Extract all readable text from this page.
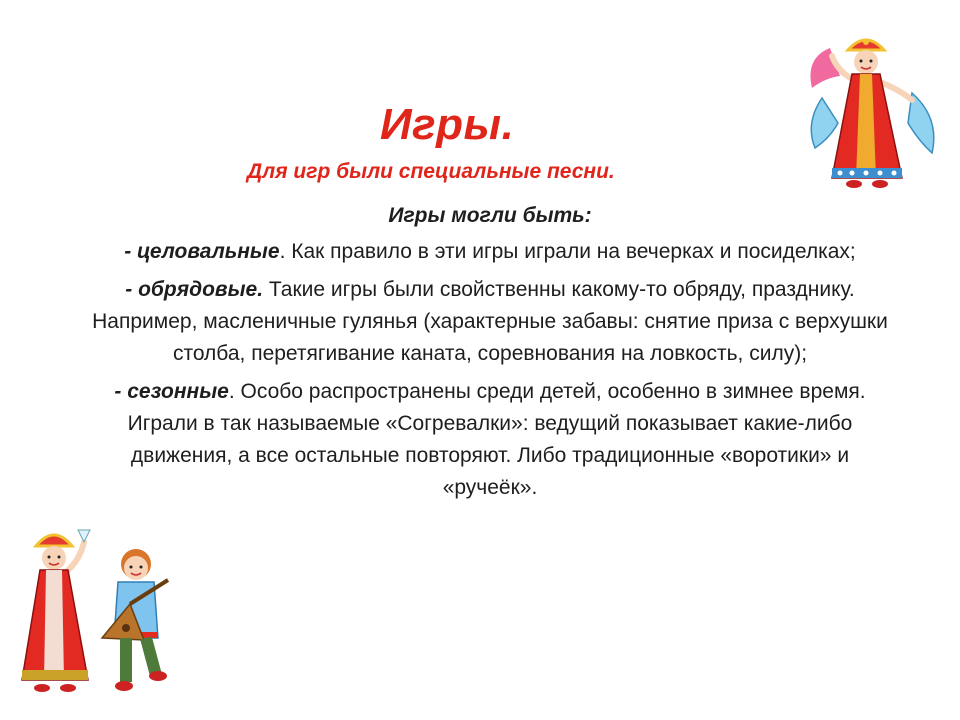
Игры.
Для игр были специальные песни.
Игры могли быть:

- целовальные. Как правило в эти игры играли на вечерках и посиделках;

- обрядовые. Такие игры были свойственны какому-то обряду, празднику. Например, масленичные гулянья (характерные забавы: снятие приза с верхушки столба, перетягивание каната, соревнования на ловкость, силу);

- сезонные. Особо распространены среди детей, особенно в зимнее время. Играли в так называемые «Согревалки»: ведущий показывает какие-либо движения, а все остальные повторяют. Либо традиционные «воротики» и «ручеёк».
